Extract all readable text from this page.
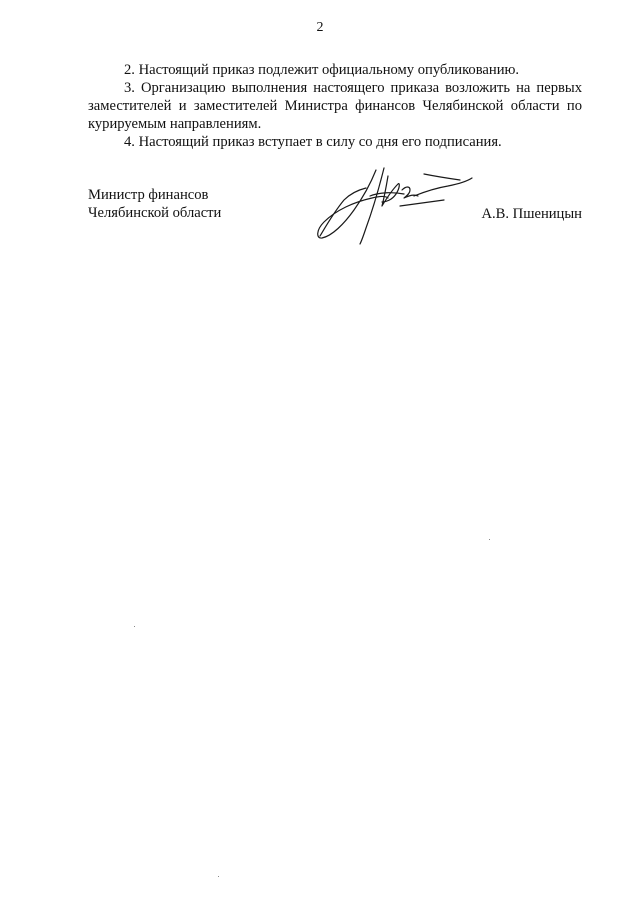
2

2. Настоящий приказ подлежит официальному опубликованию.

3. Организацию выполнения настоящего приказа возложить на первых заместителей и заместителей Министра финансов Челябинской области по курируемым направлениям.

4. Настоящий приказ вступает в силу со дня его подписания.

Министр финансов
Челябинской области	А.В. Пшеницын
